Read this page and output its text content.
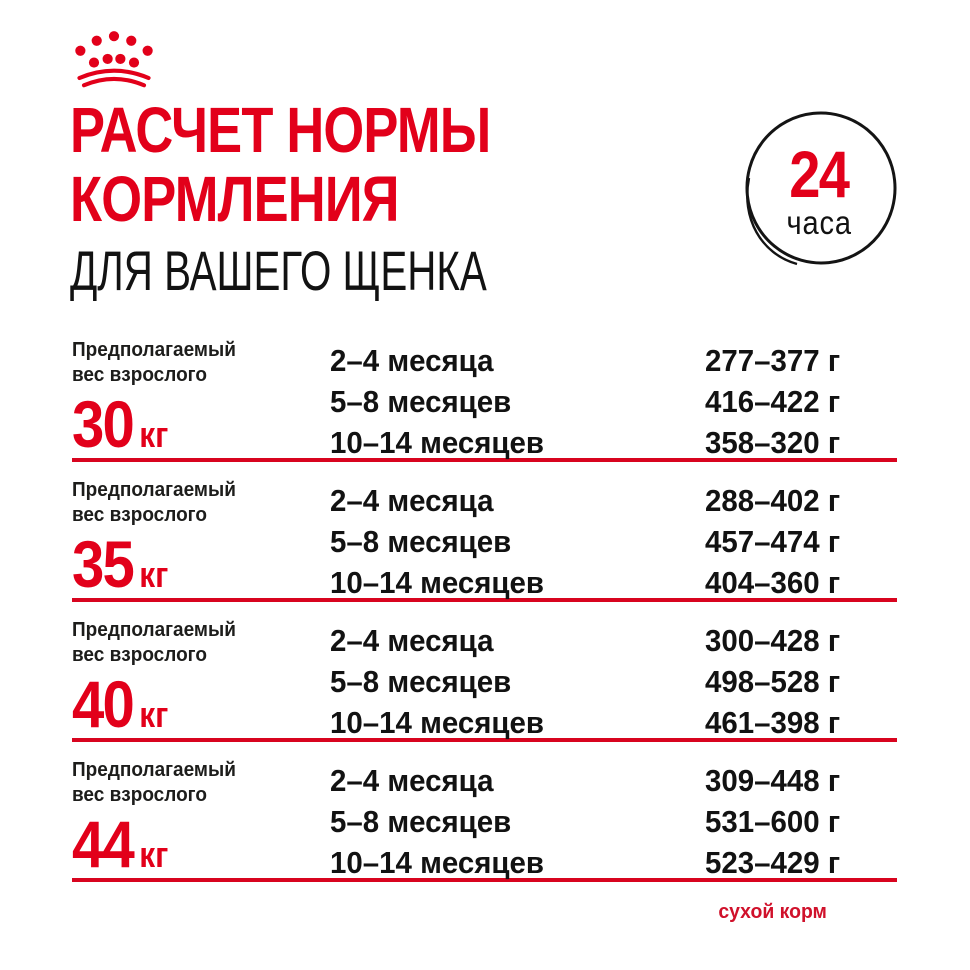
РАСЧЕТ НОРМЫ
КОРМЛЕНИЯ
ДЛЯ ВАШЕГО ЩЕНКА
24
часа
Предполагаемый
вес взрослого
30 кг
2–4 месяца
5–8 месяцев
10–14 месяцев
277–377 г
416–422 г
358–320 г
Предполагаемый
вес взрослого
35 кг
2–4 месяца
5–8 месяцев
10–14 месяцев
288–402 г
457–474 г
404–360 г
Предполагаемый
вес взрослого
40 кг
2–4 месяца
5–8 месяцев
10–14 месяцев
300–428 г
498–528 г
461–398 г
Предполагаемый
вес взрослого
44 кг
2–4 месяца
5–8 месяцев
10–14 месяцев
309–448 г
531–600 г
523–429 г
сухой корм
